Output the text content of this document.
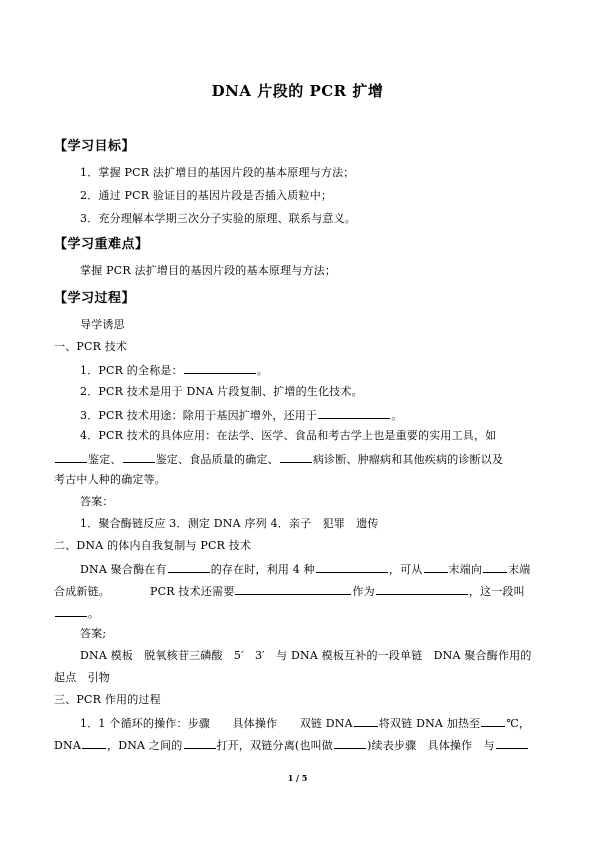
DNA 片段的 PCR 扩增
【学习目标】
1．掌握 PCR 法扩增目的基因片段的基本原理与方法；
2．通过 PCR 验证目的基因片段是否插入质粒中；
3．充分理解本学期三次分子实验的原理、联系与意义。
【学习重难点】
掌握 PCR 法扩增目的基因片段的基本原理与方法；
【学习过程】
导学诱思
一、PCR 技术
1．PCR 的全称是：	。
2．PCR 技术是用于 DNA 片段复制、扩增的生化技术。
3．PCR 技术用途：除用于基因扩增外，还用于	。
4．PCR 技术的具体应用：在法学、医学、食品和考古学上也是重要的实用工具，如
鉴定、	鉴定、食品质量的确定、	病诊断、肿瘤病和其他疾病的诊断以及
考古中人种的确定等。
答案：
1．聚合酶链反应 3．测定 DNA 序列 4．亲子　犯罪　遗传
二、DNA 的体内自我复制与 PCR 技术
DNA 聚合酶在有	的存在时，利用 4 种	，可从 末端向 末端
合成新链。	PCR 技术还需要	作为	，这一段叫
。
答案;
DNA 模板　脱氧核苷三磷酸　5′　3′　与 DNA 模板互补的一段单链　DNA 聚合酶作用的
起点　引物
三、PCR 作用的过程
1．1 个循环的操作：步骤　　具体操作　　双链 DNA 将双链 DNA 加热至 ℃，
DNA ，DNA 之间的	打开，双链分离(也叫做	)续表步骤　具体操作　与
1 / 5
